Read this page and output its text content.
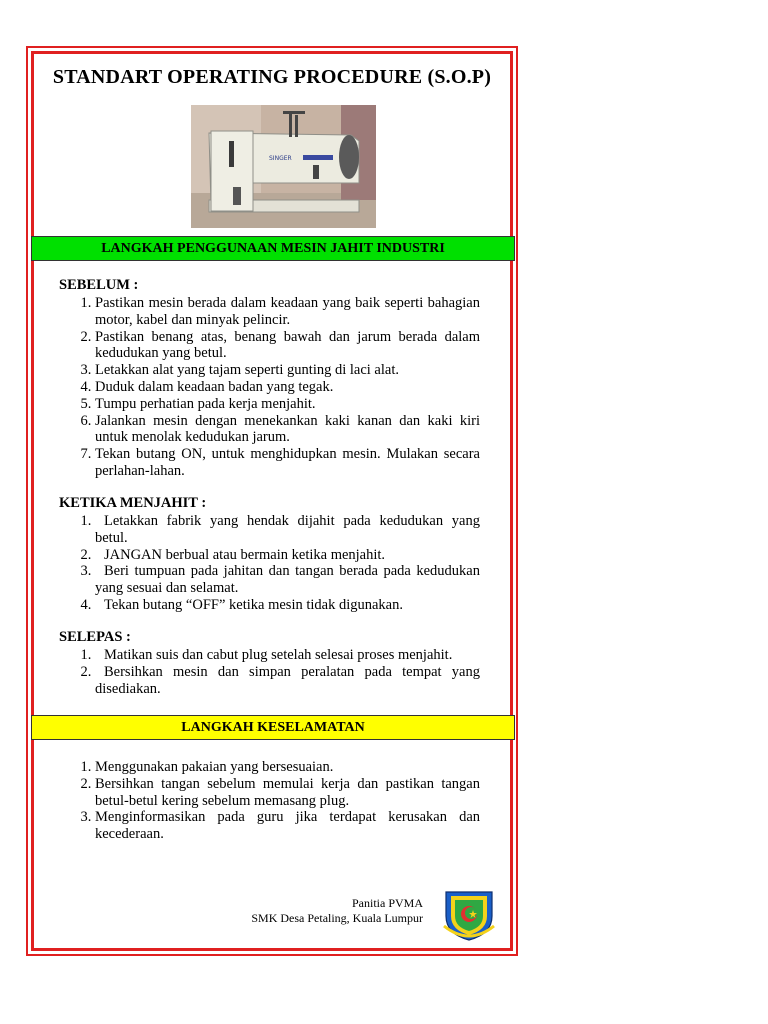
STANDART OPERATING PROCEDURE (S.O.P)
SINGER
LANGKAH PENGGUNAAN MESIN JAHIT INDUSTRI

SEBELUM :

1. Pastikan mesin berada dalam keadaan yang baik seperti bahagian motor, kabel dan minyak pelincir.
2. Pastikan benang atas, benang bawah dan jarum berada dalam kedudukan yang betul.
3. Letakkan alat yang tajam seperti gunting di laci alat.
4. Duduk dalam keadaan badan yang tegak.
5. Tumpu perhatian pada kerja menjahit.
6. Jalankan mesin dengan menekankan kaki kanan dan kaki kiri untuk menolak kedudukan jarum.
7. Tekan butang ON, untuk menghidupkan mesin. Mulakan secara perlahan-lahan.

KETIKA MENJAHIT :

1. Letakkan fabrik yang hendak dijahit pada kedudukan yang betul.
2. JANGAN berbual atau bermain ketika menjahit.
3. Beri tumpuan pada jahitan dan tangan berada pada kedudukan yang sesuai dan selamat.
4. Tekan butang “OFF” ketika mesin tidak digunakan.

SELEPAS :

1. Matikan suis dan cabut plug setelah selesai proses menjahit.
2. Bersihkan mesin dan simpan peralatan pada tempat yang disediakan.
LANGKAH KESELAMATAN
1. Menggunakan pakaian yang bersesuaian.
2. Bersihkan tangan sebelum memulai kerja dan pastikan tangan betul-betul kering sebelum memasang plug.
3. Menginformasikan pada guru jika terdapat kerusakan dan kecederaan.
Panitia PVMA
SMK Desa Petaling, Kuala Lumpur
